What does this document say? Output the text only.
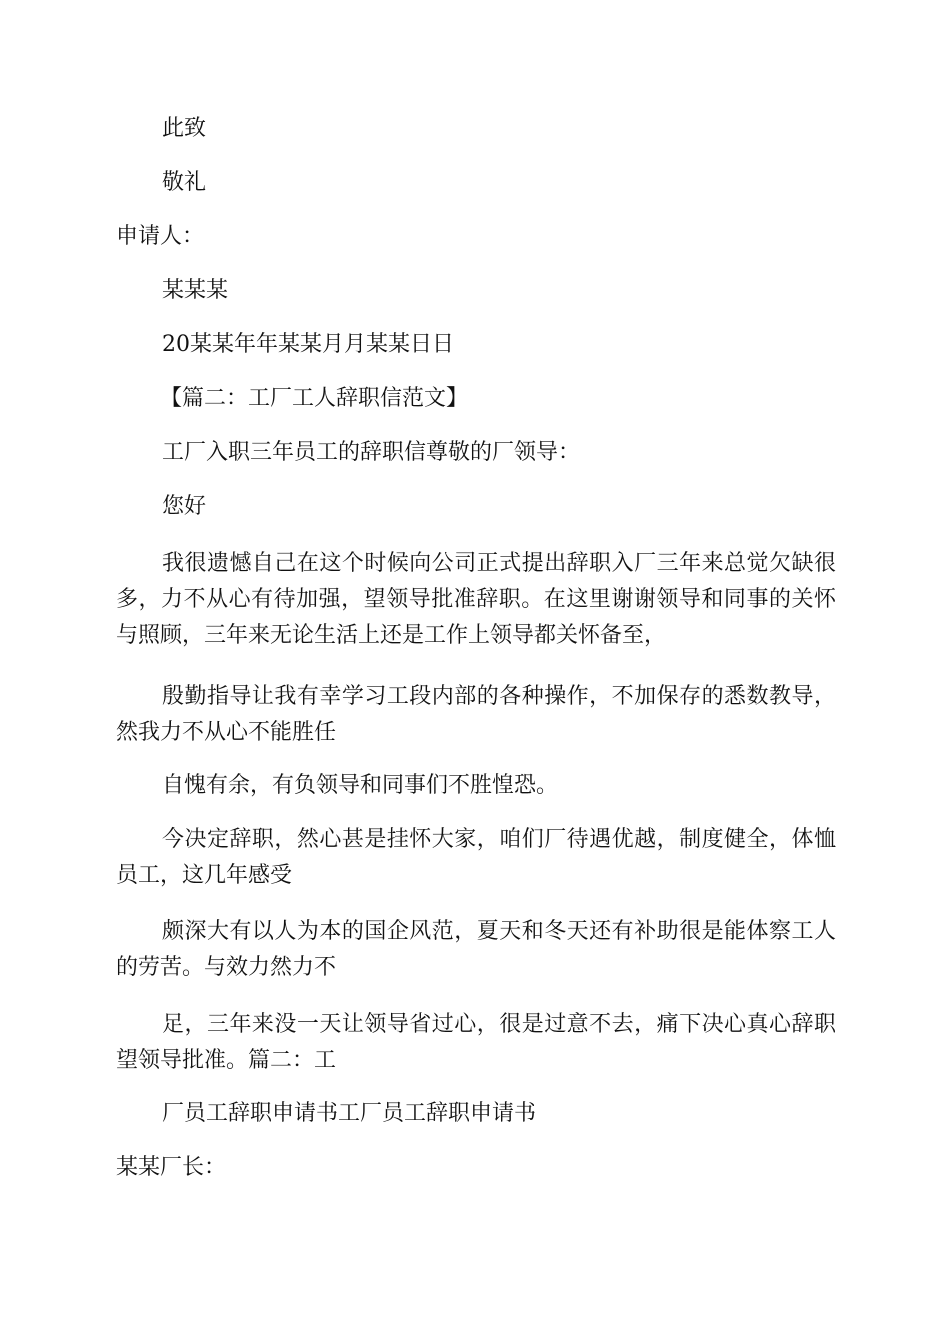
此致
敬礼
申请人：
某某某
20某某年年某某月月某某日日
【篇二：工厂工人辞职信范文】
工厂入职三年员工的辞职信尊敬的厂领导：
您好
我很遗憾自己在这个时候向公司正式提出辞职入厂三年来总觉欠缺很多，力不从心有待加强，望领导批准辞职。在这里谢谢领导和同事的关怀与照顾，三年来无论生活上还是工作上领导都关怀备至，
殷勤指导让我有幸学习工段内部的各种操作，不加保存的悉数教导，然我力不从心不能胜任
自愧有余，有负领导和同事们不胜惶恐。
今决定辞职，然心甚是挂怀大家，咱们厂待遇优越，制度健全，体恤员工，这几年感受
颇深大有以人为本的国企风范，夏天和冬天还有补助很是能体察工人的劳苦。与效力然力不
足，三年来没一天让领导省过心，很是过意不去，痛下决心真心辞职望领导批准。篇二：工
厂员工辞职申请书工厂员工辞职申请书
某某厂长：
